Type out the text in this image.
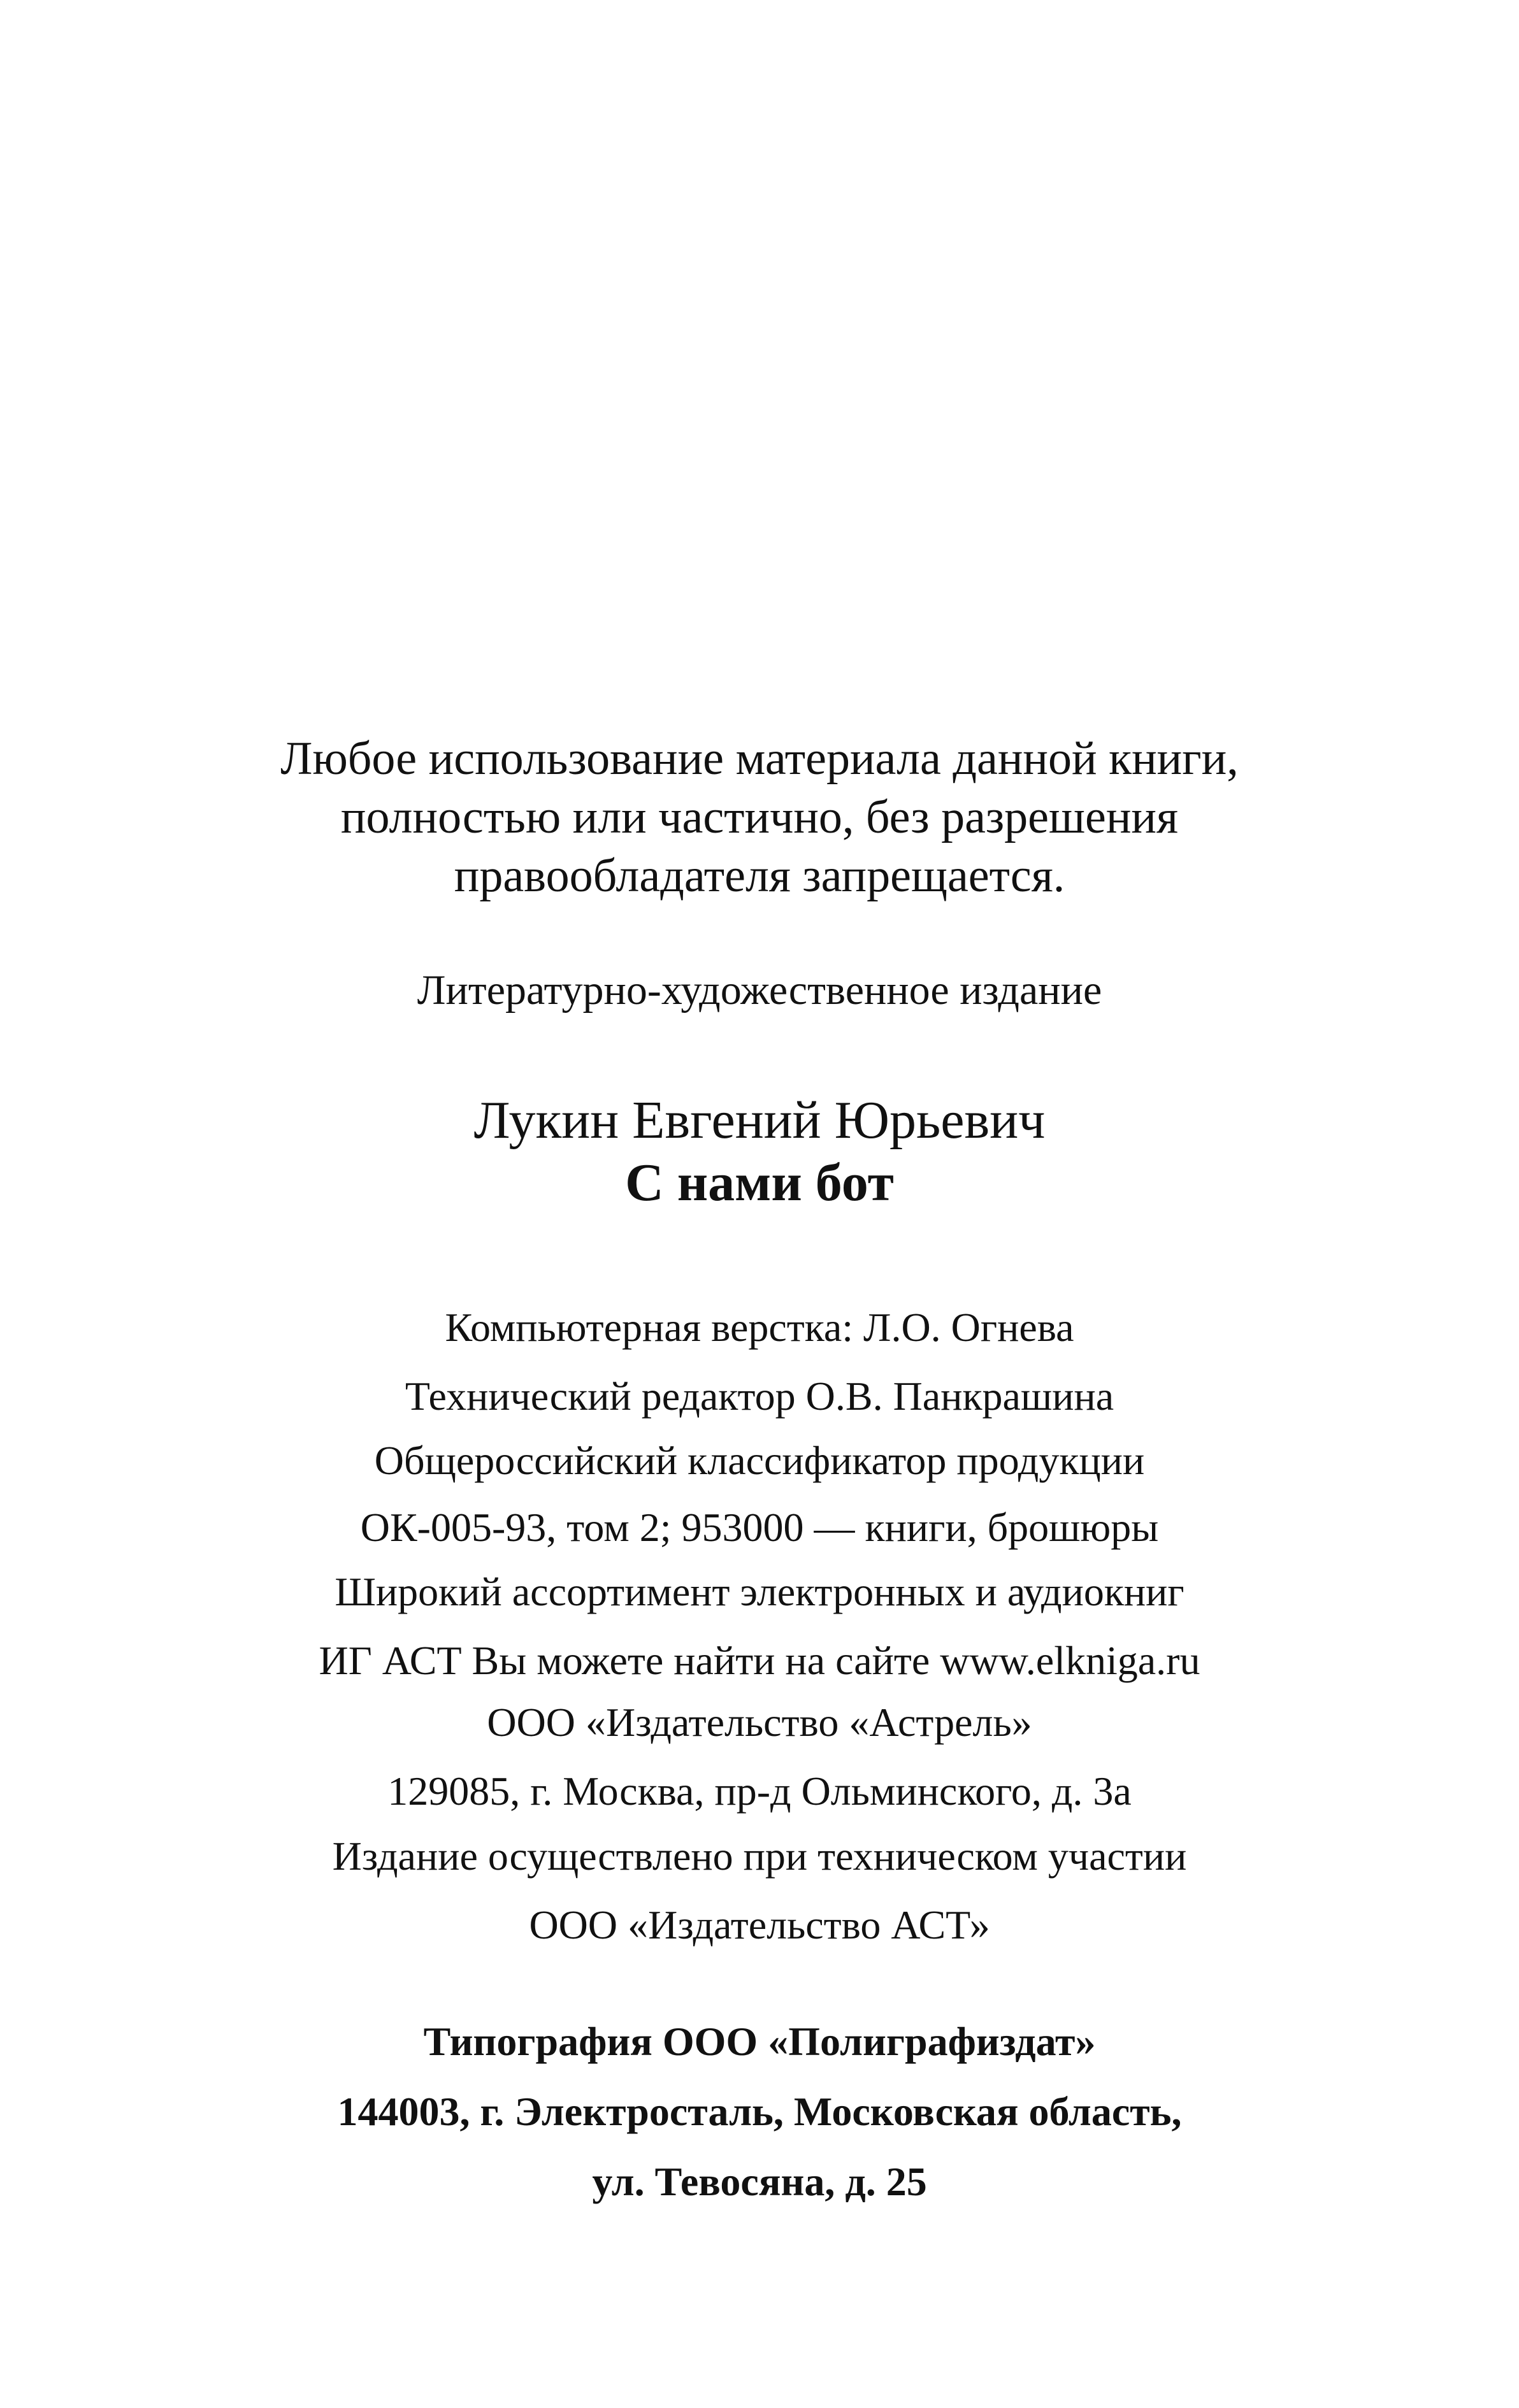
Любое использование материала данной книги,
полностью или частично, без разрешения
правообладателя запрещается.
Литературно-художественное издание
Лукин Евгений Юрьевич
С нами бот
Компьютерная верстка: Л.О. Огнева
Технический редактор О.В. Панкрашина
Общероссийский классификатор продукции
ОК-005-93, том 2; 953000 — книги, брошюры
Широкий ассортимент электронных и аудиокниг
ИГ АСТ Вы можете найти на сайте www.elkniga.ru
ООО «Издательство «Астрель»
129085, г. Москва, пр-д Ольминского, д. 3а
Издание осуществлено при техническом участии
ООО «Издательство АСТ»
Типография ООО «Полиграфиздат»
144003, г. Электросталь, Московская область,
ул. Тевосяна, д. 25
